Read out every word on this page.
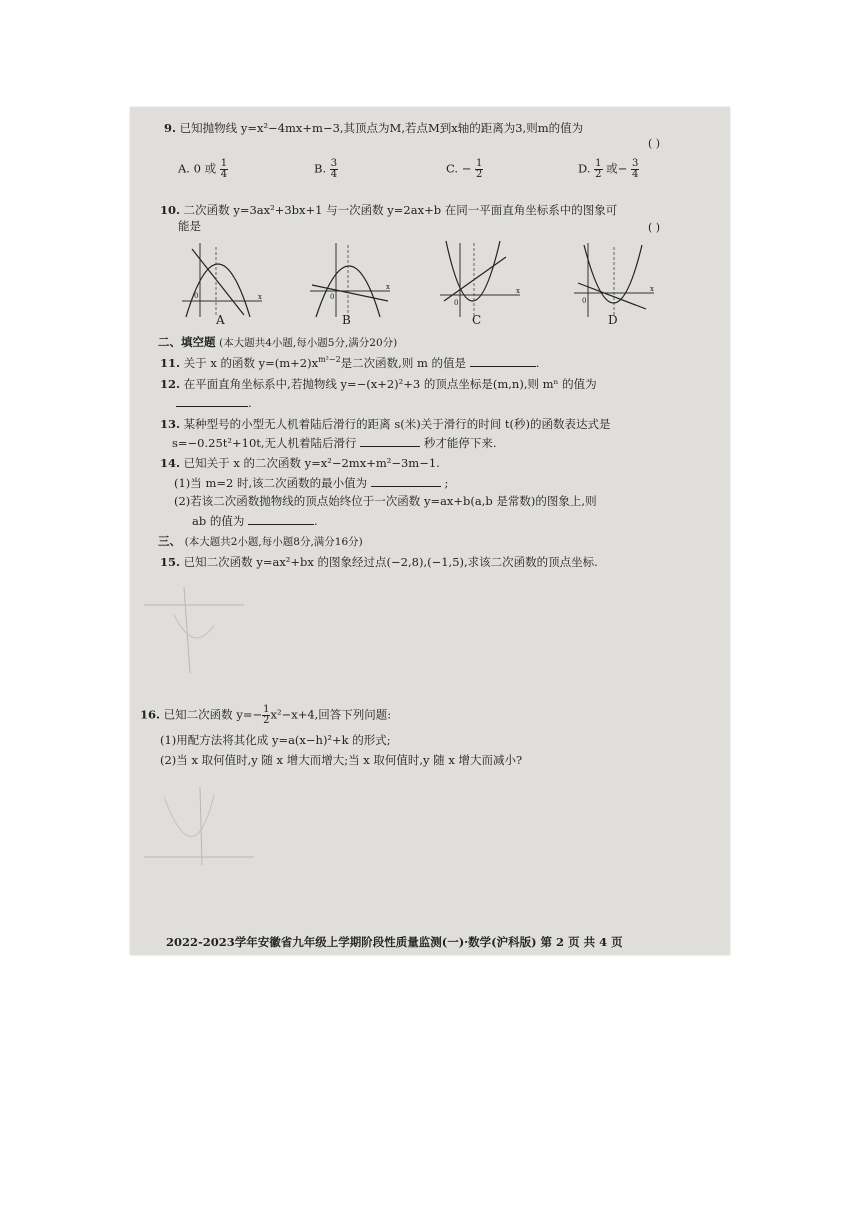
9. 已知抛物线 y=x²−4mx+m−3,其顶点为M,若点M到x轴的距离为3,则m的值为
( )
A. 0 或 $\frac{1}{4}$	B. $\frac{3}{4}$	C. − $\frac{1}{2}$	D. $\frac{1}{2}$ 或− $\frac{3}{4}$
10. 二次函数 y=3ax²+3bx+1 与一次函数 y=2ax+b 在同一平面直角坐标系中的图象可
能是	( )
0	x
A
0
x
B
0
x
C
0
x
D
二、填空题 (本大题共4小题,每小题5分,满分20分)
11. 关于 x 的函数 $y=(m+2)x^{m^2-2}$是二次函数,则 m 的值是	.
12. 在平面直角坐标系中,若抛物线 y=−(x+2)²+3 的顶点坐标是(m,n),则 mⁿ 的值为
.
13. 某种型号的小型无人机着陆后滑行的距离 s(米)关于滑行的时间 t(秒)的函数表达式是
s=−0.25t²+10t,无人机着陆后滑行	秒才能停下来.
14. 已知关于 x 的二次函数 y=x²−2mx+m²−3m−1.
(1)当 m=2 时,该二次函数的最小值为	;
(2)若该二次函数抛物线的顶点始终位于一次函数 y=ax+b(a,b 是常数)的图象上,则
ab 的值为	.
三、 (本大题共2小题,每小题8分,满分16分)
15. 已知二次函数 y=ax²+bx 的图象经过点(−2,8),(−1,5),求该二次函数的顶点坐标.
16. 已知二次函数 $y=- \frac{1}{2} x^2-x+4$,回答下列问题:
(1)用配方法将其化成 y=a(x−h)²+k 的形式;
(2)当 x 取何值时,y 随 x 增大而增大;当 x 取何值时,y 随 x 增大而减小?
2022-2023学年安徽省九年级上学期阶段性质量监测(一)·数学(沪科版) 第 2 页 共 4 页
